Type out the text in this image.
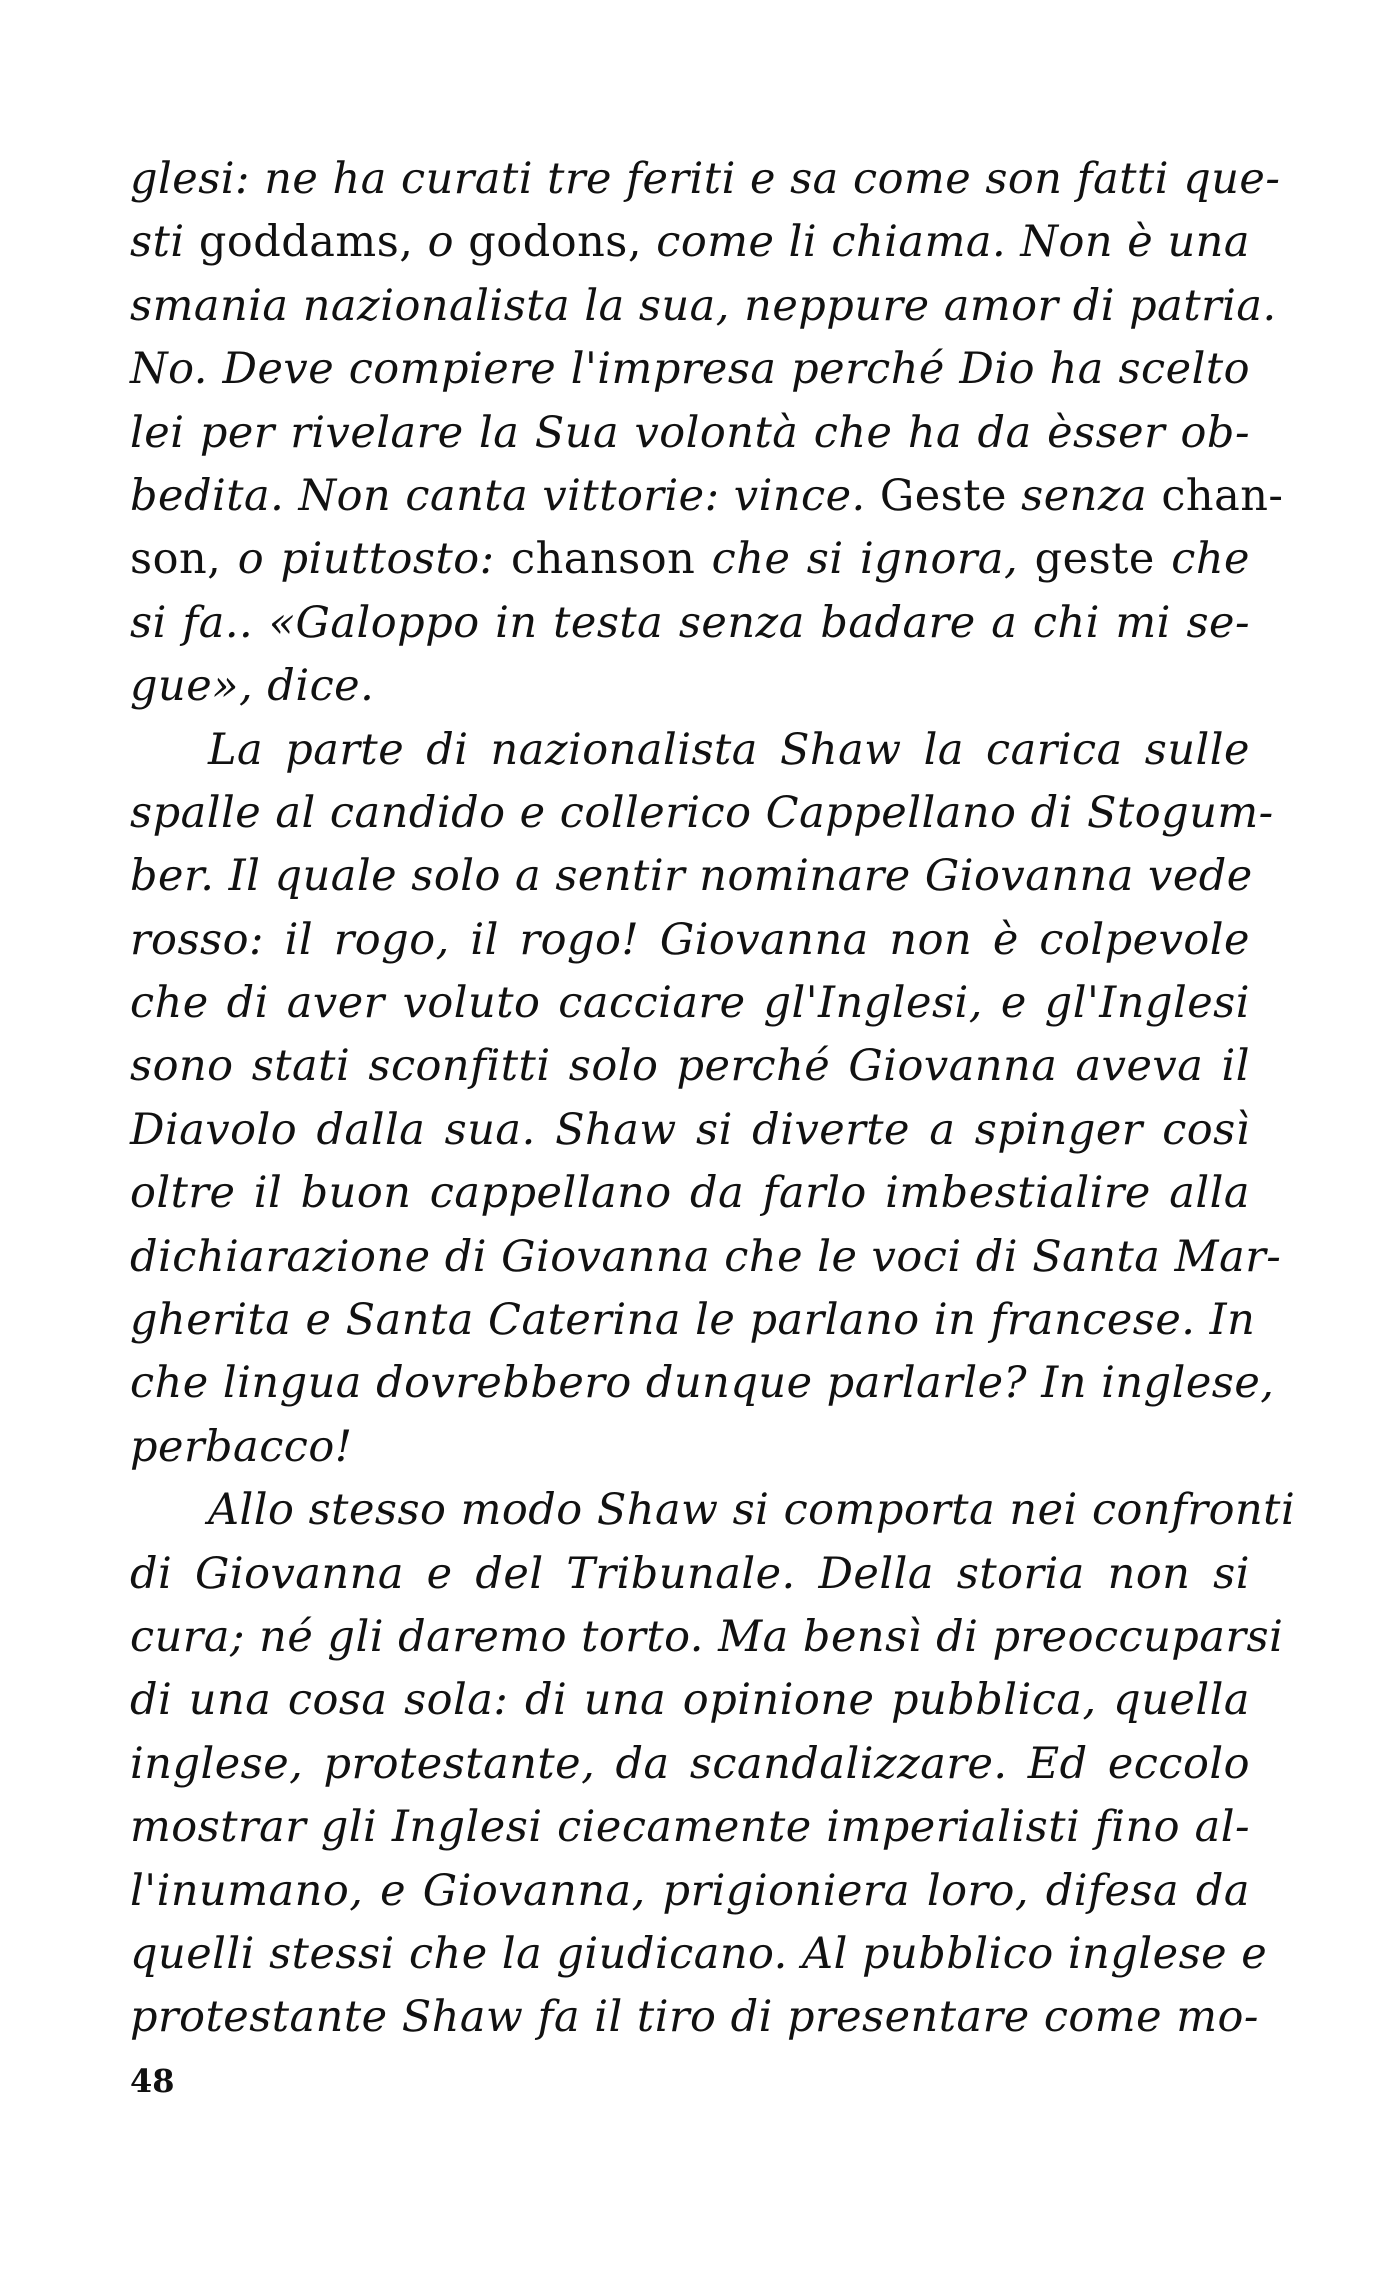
glesi: ne ha curati tre feriti e sa come son fatti que-
sti goddams, o godons, come li chiama. Non è una
smania nazionalista la sua, neppure amor di patria.
No. Deve compiere l'impresa perché Dio ha scelto
lei per rivelare la Sua volontà che ha da èsser ob-
bedita. Non canta vittorie: vince. Geste senza chan-
son, o piuttosto: chanson che si ignora, geste che
si fa.. «Galoppo in testa senza badare a chi mi se-
gue», dice.
La parte di nazionalista Shaw la carica sulle
spalle al candido e collerico Cappellano di Stogum-
ber. Il quale solo a sentir nominare Giovanna vede
rosso: il rogo, il rogo! Giovanna non è colpevole
che di aver voluto cacciare gl'Inglesi, e gl'Inglesi
sono stati sconfitti solo perché Giovanna aveva il
Diavolo dalla sua. Shaw si diverte a spinger così
oltre il buon cappellano da farlo imbestialire alla
dichiarazione di Giovanna che le voci di Santa Mar-
gherita e Santa Caterina le parlano in francese. In
che lingua dovrebbero dunque parlarle? In inglese,
perbacco!
Allo stesso modo Shaw si comporta nei confronti
di Giovanna e del Tribunale. Della storia non si
cura; né gli daremo torto. Ma bensì di preoccuparsi
di una cosa sola: di una opinione pubblica, quella
inglese, protestante, da scandalizzare. Ed eccolo
mostrar gli Inglesi ciecamente imperialisti fino al-
l'inumano, e Giovanna, prigioniera loro, difesa da
quelli stessi che la giudicano. Al pubblico inglese e
protestante Shaw fa il tiro di presentare come mo-
48
